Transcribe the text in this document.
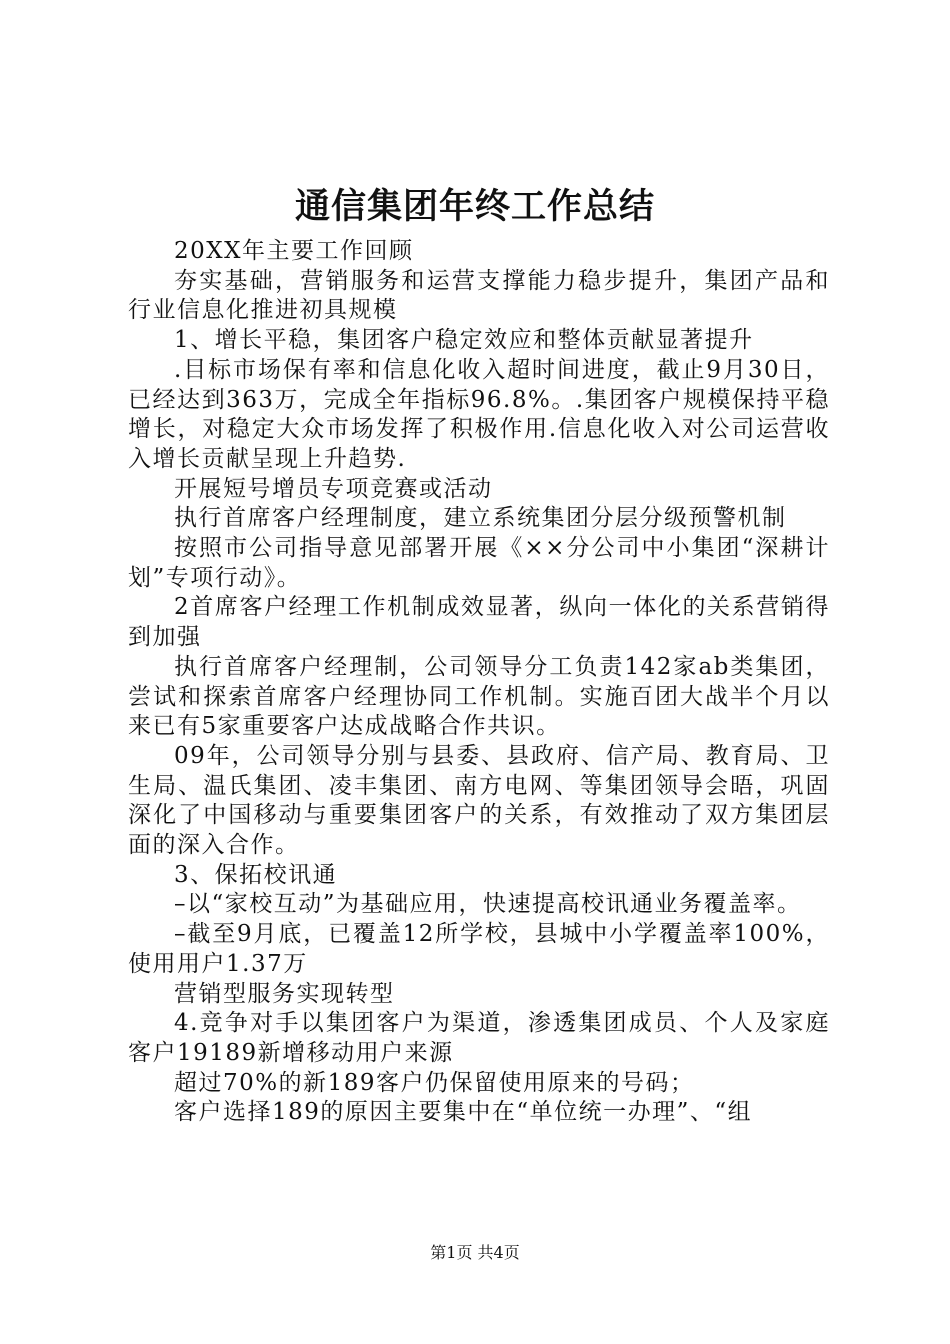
通信集团年终工作总结

20XX年主要工作回顾

夯实基础，营销服务和运营支撑能力稳步提升，集团产品和行业信息化推进初具规模

1、增长平稳，集团客户稳定效应和整体贡献显著提升

.目标市场保有率和信息化收入超时间进度，截止9月30日，已经达到363万，完成全年指标96.8%。.集团客户规模保持平稳增长，对稳定大众市场发挥了积极作用.信息化收入对公司运营收入增长贡献呈现上升趋势.

开展短号增员专项竞赛或活动

执行首席客户经理制度，建立系统集团分层分级预警机制

按照市公司指导意见部署开展《××分公司中小集团“深耕计划”专项行动》。

2首席客户经理工作机制成效显著，纵向一体化的关系营销得到加强

执行首席客户经理制，公司领导分工负责142家ab类集团，尝试和探索首席客户经理协同工作机制。实施百团大战半个月以来已有5家重要客户达成战略合作共识。

09年，公司领导分别与县委、县政府、信产局、教育局、卫生局、温氏集团、凌丰集团、南方电网、等集团领导会晤，巩固深化了中国移动与重要集团客户的关系，有效推动了双方集团层面的深入合作。

3、保拓校讯通

–以“家校互动”为基础应用，快速提高校讯通业务覆盖率。

–截至9月底，已覆盖12所学校，县城中小学覆盖率100%，使用用户1.37万

营销型服务实现转型

4.竞争对手以集团客户为渠道，渗透集团成员、个人及家庭客户19189新增移动用户来源

超过70%的新189客户仍保留使用原来的号码；

客户选择189的原因主要集中在“单位统一办理”、“组

第1页 共4页
